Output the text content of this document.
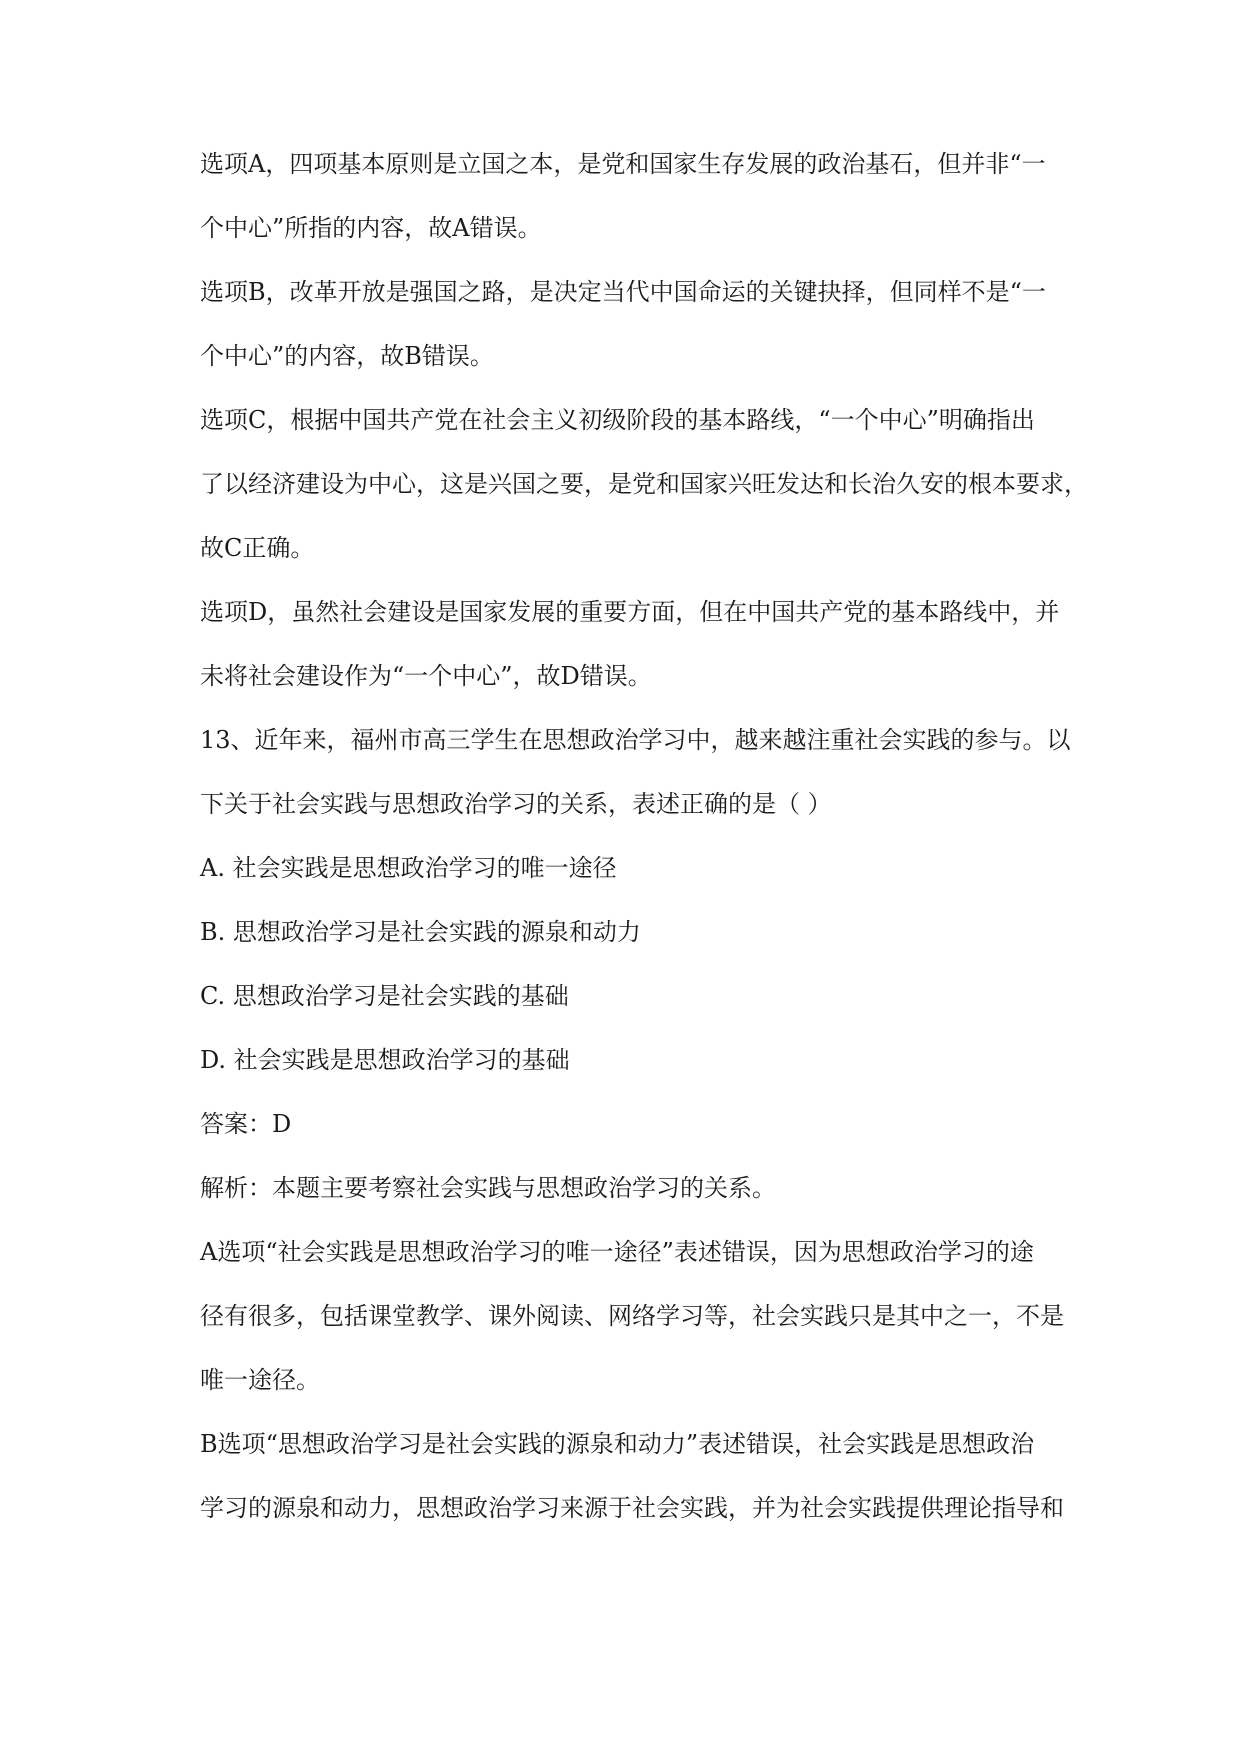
选项A，四项基本原则是立国之本，是党和国家生存发展的政治基石，但并非“一
个中心”所指的内容，故A错误。
选项B，改革开放是强国之路，是决定当代中国命运的关键抉择，但同样不是“一
个中心”的内容，故B错误。
选项C，根据中国共产党在社会主义初级阶段的基本路线，“一个中心”明确指出
了以经济建设为中心，这是兴国之要，是党和国家兴旺发达和长治久安的根本要求，
故C正确。
选项D，虽然社会建设是国家发展的重要方面，但在中国共产党的基本路线中，并
未将社会建设作为“一个中心”，故D错误。
13、近年来，福州市高三学生在思想政治学习中，越来越注重社会实践的参与。以
下关于社会实践与思想政治学习的关系，表述正确的是（ ）
A. 社会实践是思想政治学习的唯一途径
B. 思想政治学习是社会实践的源泉和动力
C. 思想政治学习是社会实践的基础
D. 社会实践是思想政治学习的基础
答案：D
解析：本题主要考察社会实践与思想政治学习的关系。
A选项“社会实践是思想政治学习的唯一途径”表述错误，因为思想政治学习的途
径有很多，包括课堂教学、课外阅读、网络学习等，社会实践只是其中之一，不是
唯一途径。
B选项“思想政治学习是社会实践的源泉和动力”表述错误，社会实践是思想政治
学习的源泉和动力，思想政治学习来源于社会实践，并为社会实践提供理论指导和
